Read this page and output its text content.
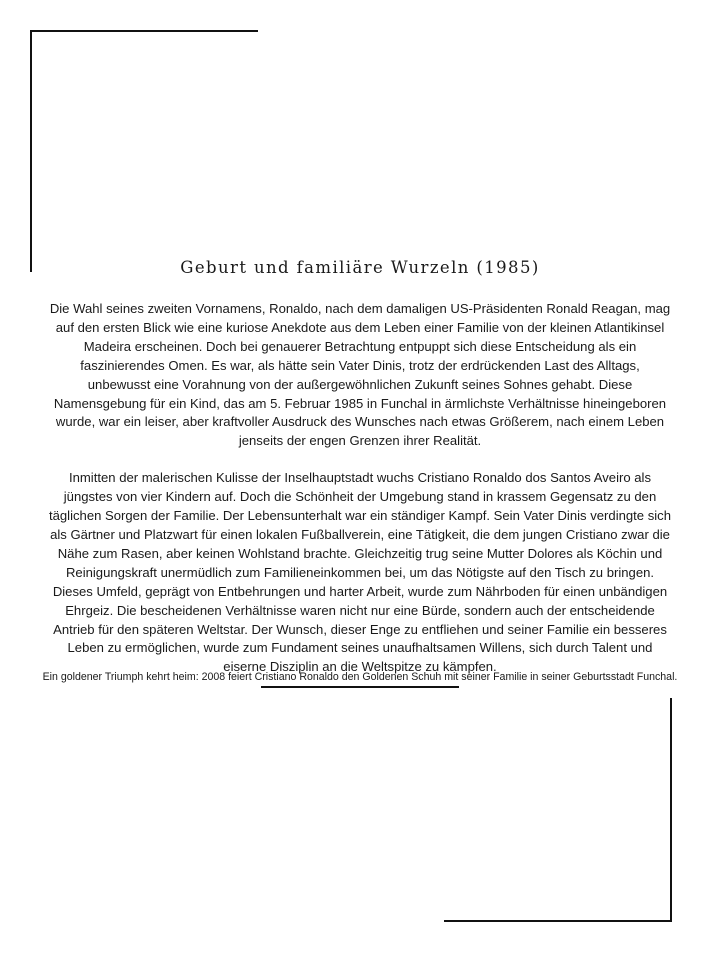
Geburt und familiäre Wurzeln (1985)

Die Wahl seines zweiten Vornamens, Ronaldo, nach dem damaligen US-Präsidenten Ronald Reagan, mag auf den ersten Blick wie eine kuriose Anekdote aus dem Leben einer Familie von der kleinen Atlantikinsel Madeira erscheinen. Doch bei genauerer Betrachtung entpuppt sich diese Entscheidung als ein faszinierendes Omen. Es war, als hätte sein Vater Dinis, trotz der erdrückenden Last des Alltags, unbewusst eine Vorahnung von der außergewöhnlichen Zukunft seines Sohnes gehabt. Diese Namensgebung für ein Kind, das am 5. Februar 1985 in Funchal in ärmlichste Verhältnisse hineingeboren wurde, war ein leiser, aber kraftvoller Ausdruck des Wunsches nach etwas Größerem, nach einem Leben jenseits der engen Grenzen ihrer Realität.

Inmitten der malerischen Kulisse der Inselhauptstadt wuchs Cristiano Ronaldo dos Santos Aveiro als jüngstes von vier Kindern auf. Doch die Schönheit der Umgebung stand in krassem Gegensatz zu den täglichen Sorgen der Familie. Der Lebensunterhalt war ein ständiger Kampf. Sein Vater Dinis verdingte sich als Gärtner und Platzwart für einen lokalen Fußballverein, eine Tätigkeit, die dem jungen Cristiano zwar die Nähe zum Rasen, aber keinen Wohlstand brachte. Gleichzeitig trug seine Mutter Dolores als Köchin und Reinigungskraft unermüdlich zum Familieneinkommen bei, um das Nötigste auf den Tisch zu bringen. Dieses Umfeld, geprägt von Entbehrungen und harter Arbeit, wurde zum Nährboden für einen unbändigen Ehrgeiz. Die bescheidenen Verhältnisse waren nicht nur eine Bürde, sondern auch der entscheidende Antrieb für den späteren Weltstar. Der Wunsch, dieser Enge zu entfliehen und seiner Familie ein besseres Leben zu ermöglichen, wurde zum Fundament seines unaufhaltsamen Willens, sich durch Talent und eiserne Disziplin an die Weltspitze zu kämpfen.

Ein goldener Triumph kehrt heim: 2008 feiert Cristiano Ronaldo den Goldenen Schuh mit seiner Familie in seiner Geburtsstadt Funchal.
